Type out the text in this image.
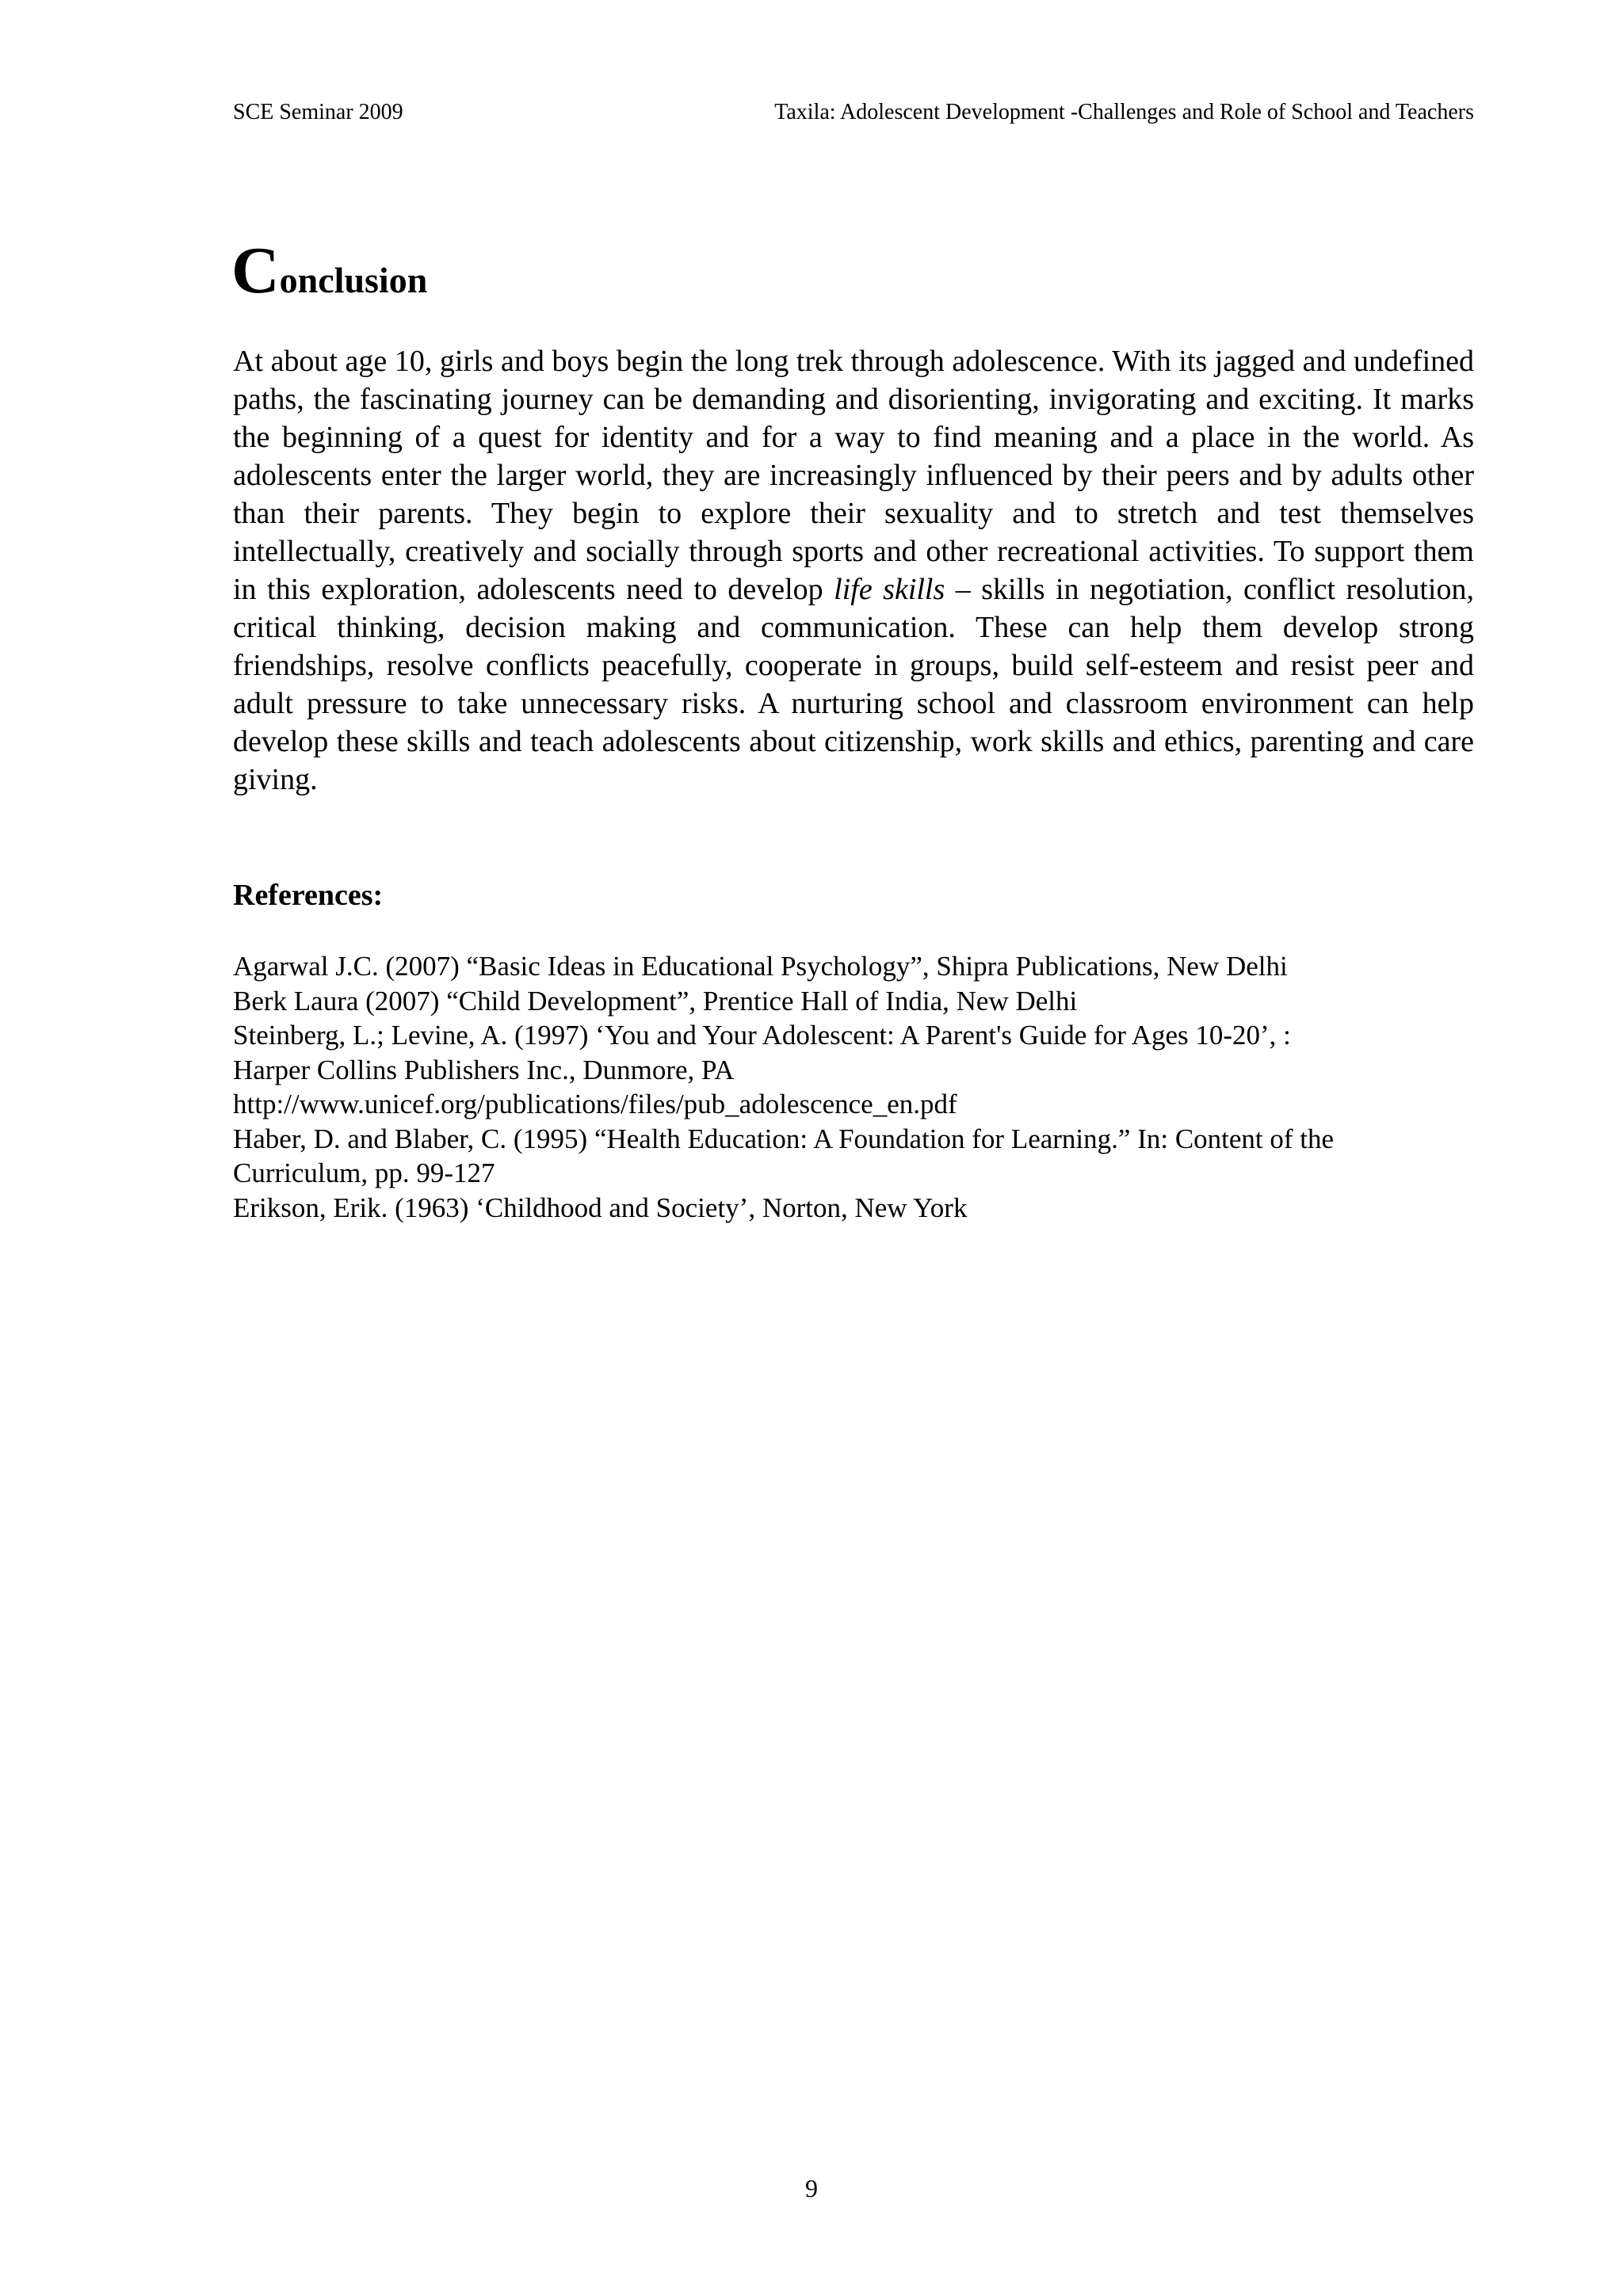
SCE Seminar 2009	Taxila: Adolescent Development -Challenges and Role of School and Teachers
Conclusion

At about age 10, girls and boys begin the long trek through adolescence. With its jagged and undefined paths, the fascinating journey can be demanding and disorienting, invigorating and exciting. It marks the beginning of a quest for identity and for a way to find meaning and a place in the world. As adolescents enter the larger world, they are increasingly influenced by their peers and by adults other than their parents. They begin to explore their sexuality and to stretch and test themselves intellectually, creatively and socially through sports and other recreational activities. To support them in this exploration, adolescents need to develop life skills – skills in negotiation, conflict resolution, critical thinking, decision making and communication. These can help them develop strong friendships, resolve conflicts peacefully, cooperate in groups, build self-esteem and resist peer and adult pressure to take unnecessary risks. A nurturing school and classroom environment can help develop these skills and teach adolescents about citizenship, work skills and ethics, parenting and care giving.

References:
Agarwal J.C. (2007) “Basic Ideas in Educational Psychology”, Shipra Publications, New Delhi
Berk Laura (2007) “Child Development”, Prentice Hall of India, New Delhi
Steinberg, L.; Levine, A. (1997) ‘You and Your Adolescent: A Parent's Guide for Ages 10-20’, :
Harper Collins Publishers Inc., Dunmore, PA
http://www.unicef.org/publications/files/pub_adolescence_en.pdf
Haber, D. and Blaber, C. (1995) “Health Education: A Foundation for Learning.” In: Content of the
Curriculum, pp. 99-127
Erikson, Erik. (1963) ‘Childhood and Society’, Norton, New York
9
